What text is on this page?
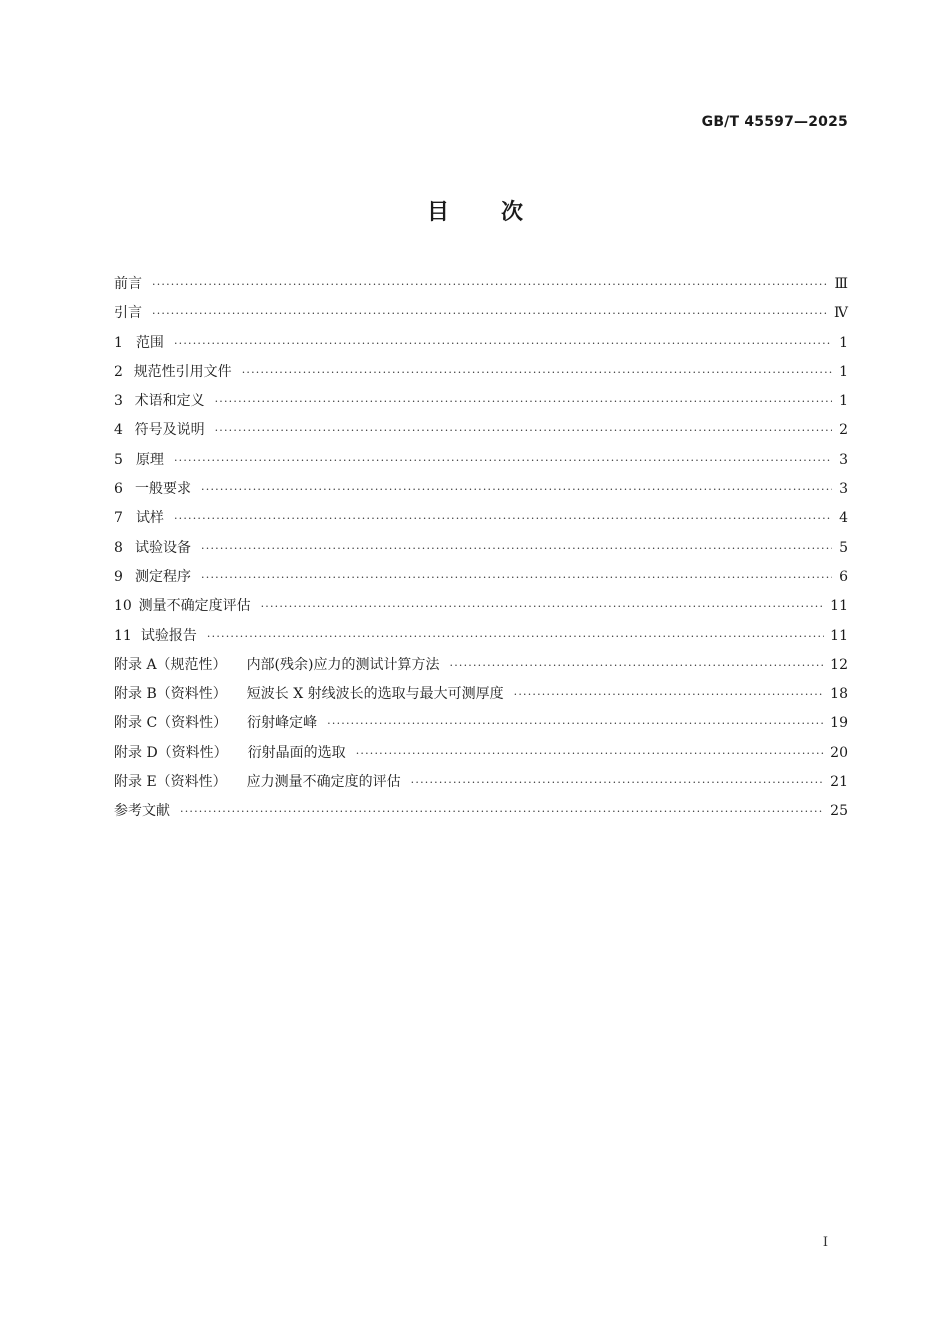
GB/T 45597—2025
目 次
前言 ·····	Ⅲ
引言 ·····	Ⅳ
1 范围 ·····	1
2 规范性引用文件 ·····	1
3 术语和定义 ·····	1
4 符号及说明 ·····	2
5 原理 ·····	3
6 一般要求 ·····	3
7 试样 ·····	4
8 试验设备 ·····	5
9 测定程序 ·····	6
10 测量不确定度评估 ·····	11
11 试验报告 ·····	11
附录 A（规范性） 内部(残余)应力的测试计算方法 ·····	12
附录 B（资料性） 短波长 X 射线波长的选取与最大可测厚度 ·····	18
附录 C（资料性） 衍射峰定峰 ·····	19
附录 D（资料性） 衍射晶面的选取 ·····	20
附录 E（资料性） 应力测量不确定度的评估 ·····	21
参考文献 ·····	25
I
